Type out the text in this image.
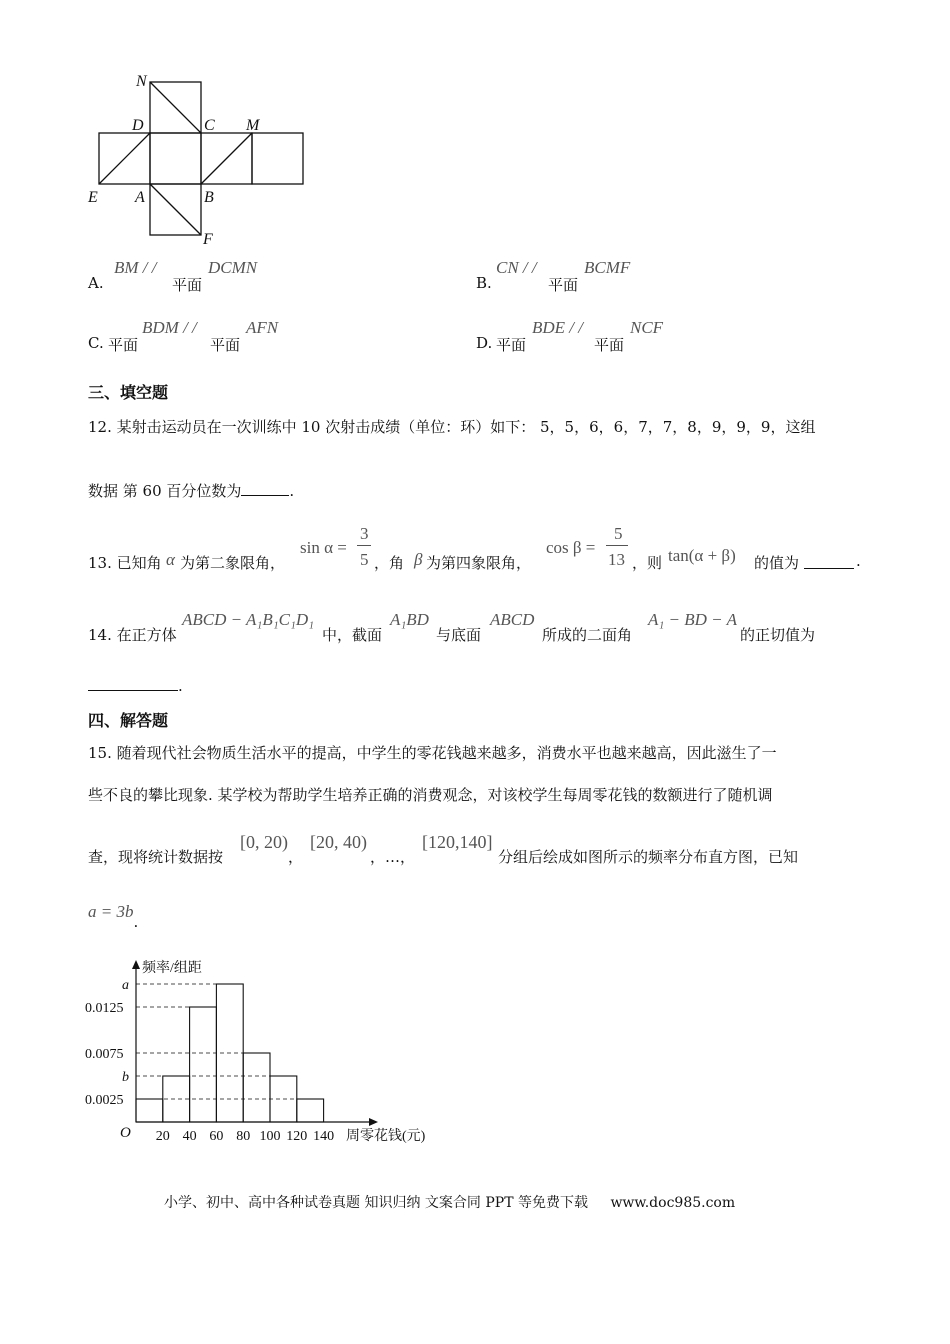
N
D	C M
E A	B
F
A.
BM / /
平面
DCMN
B.
CN / /
平面
BCMF
C. 平面
BDM / /
平面
AFN
D. 平面
BDE / /
平面
NCF
三、填空题
12. 某射击运动员在一次训练中 10 次射击成绩（单位：环）如下： 5，5，6，6，7，7，8，9，9，9，这组
数据 第 60 百分位数为	.
13. 已知角 α 为第二象限角，
sin α =
3
5 ，角 β 为第四象限角，
cos β =
5
13 ，则 tan(α + β) 的值为	.
14. 在正方体
ABCD − A₁B₁C₁D₁
中，截面
A₁BD
与底面
ABCD
所成的二面角
A₁ − BD − A
的正切值为
.
四、解答题
15. 随着现代社会物质生活水平的提高，中学生的零花钱越来越多，消费水平也越来越高，因此滋生了一
些不良的攀比现象. 某学校为帮助学生培养正确的消费观念，对该校学生每周零花钱的数额进行了随机调
查，现将统计数据按
[0, 20)
，
[20, 40)
，…，
[120,140]
分组后绘成如图所示的频率分布直方图，已知
a = 3b.
频率/组距
周零花钱(元)
O 20 40 60 80 100 120 140
a
0.0125
0.0075
b
0.0025
小学、初中、高中各种试卷真题 知识归纳 文案合同 PPT 等免费下载 www.doc985.com
